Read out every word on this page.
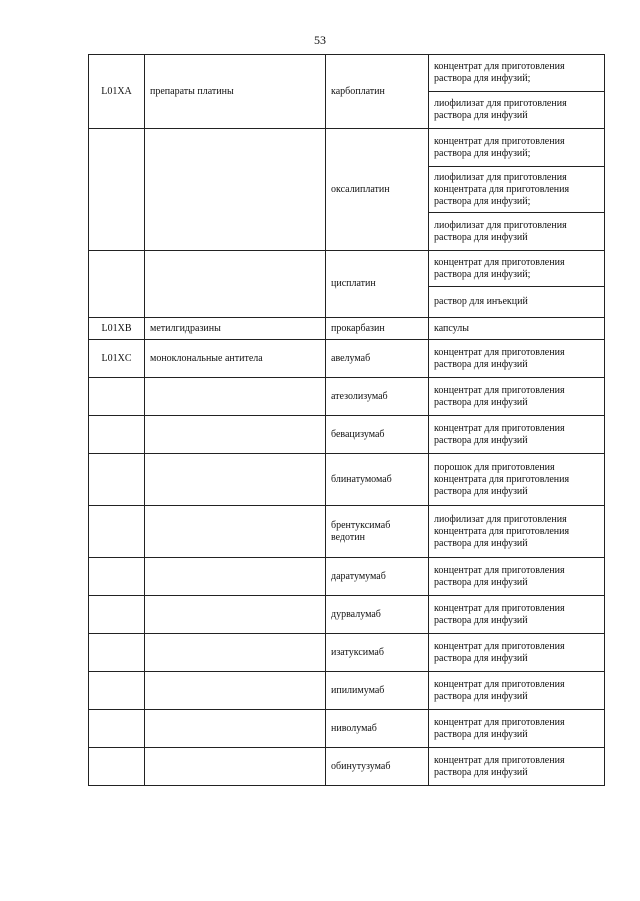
53
L01XA	препараты платины	карбоплатин	концентрат для приготовления раствора для инфузий;
			лиофилизат для приготовления раствора для инфузий
		оксалиплатин	концентрат для приготовления раствора для инфузий;
			лиофилизат для приготовления концентрата для приготовления раствора для инфузий;
			лиофилизат для приготовления раствора для инфузий
		цисплатин	концентрат для приготовления раствора для инфузий;
			раствор для инъекций
L01XB	метилгидразины	прокарбазин	капсулы
L01XC	моноклональные антитела	авелумаб	концентрат для приготовления раствора для инфузий
		атезолизумаб	концентрат для приготовления раствора для инфузий
		бевацизумаб	концентрат для приготовления раствора для инфузий
		блинатумомаб	порошок для приготовления концентрата для приготовления раствора для инфузий
		брентуксимаб ведотин	лиофилизат для приготовления концентрата для приготовления раствора для инфузий
		даратумумаб	концентрат для приготовления раствора для инфузий
		дурвалумаб	концентрат для приготовления раствора для инфузий
		изатуксимаб	концентрат для приготовления раствора для инфузий
		ипилимумаб	концентрат для приготовления раствора для инфузий
		ниволумаб	концентрат для приготовления раствора для инфузий
		обинутузумаб	концентрат для приготовления раствора для инфузий
